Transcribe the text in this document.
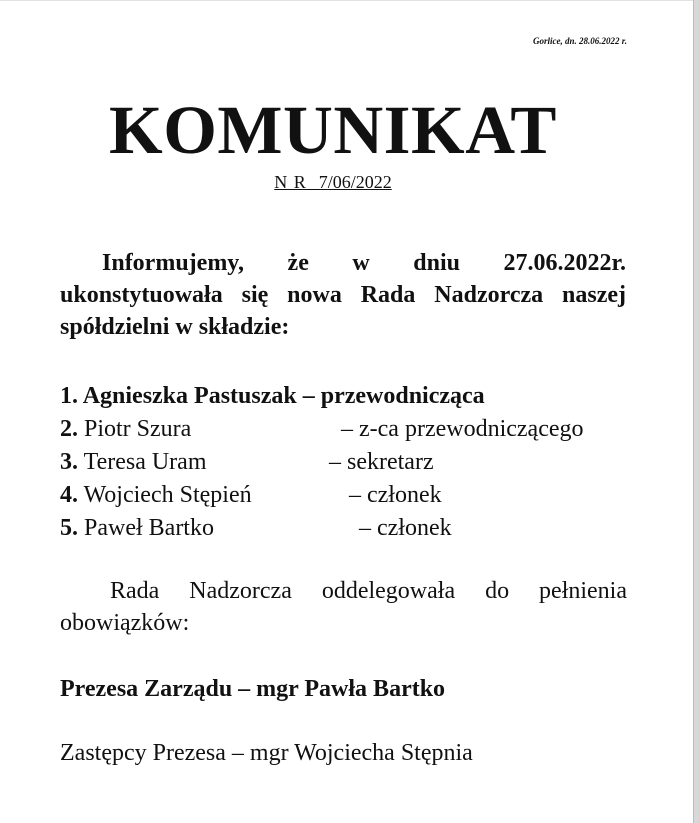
Gorlice, dn. 28.06.2022 r.
KOMUNIKAT
N R  7/06/2022
Informujemy, że w dniu 27.06.2022r. ukonstytuowała się nowa Rada Nadzorcza naszej spółdzielni w składzie:
1. Agnieszka Pastuszak – przewodnicząca
2. Piotr Szura	– z-ca przewodniczącego
3. Teresa Uram	– sekretarz
4. Wojciech Stępień	– członek
5. Paweł Bartko	– członek
Rada Nadzorcza oddelegowała do pełnienia obowiązków:
Prezesa Zarządu – mgr Pawła Bartko
Zastępcy Prezesa – mgr Wojciecha Stępnia
